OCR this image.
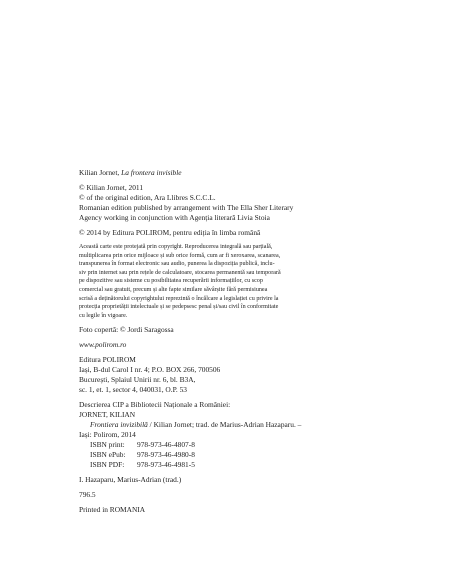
Kilian Jornet, La frontera invisible

© Kilian Jornet, 2011

© of the original edition, Ara Llibres S.C.C.L.

Romanian edition published by arrangement with The Ella Sher Literary

Agency working in conjunction with Agenția literară Livia Stoia

© 2014 by Editura POLIROM, pentru ediția în limba română

Această carte este protejată prin copyright. Reproducerea integrală sau parțială,

multiplicarea prin orice mijloace și sub orice formă, cum ar fi xeroxarea, scanarea,

transpunerea în format electronic sau audio, punerea la dispoziția publică, inclu-

siv prin internet sau prin rețele de calculatoare, stocarea permanentă sau temporară

pe dispozitive sau sisteme cu posibilitatea recuperării informațiilor, cu scop

comercial sau gratuit, precum și alte fapte similare săvârșite fără permisiunea

scrisă a deținătorului copyrightului reprezintă o încălcare a legislației cu privire la

protecția proprietății intelectuale și se pedepsesc penal și/sau civil în conformitate

cu legile în vigoare.

Foto copertă: © Jordi Saragossa

www.polirom.ro

Editura POLIROM

Iași, B-dul Carol I nr. 4; P.O. BOX 266, 700506

București, Splaiul Unirii nr. 6, bl. B3A,

sc. 1, et. 1, sector 4, 040031, O.P. 53

Descrierea CIP a Bibliotecii Naționale a României:

JORNET, KILIAN

Frontiera invizibilă / Kilian Jornet; trad. de Marius-Adrian Hazaparu. –

Iași: Polirom, 2014

ISBN print:	978-973-46-4807-8
ISBN ePub:	978-973-46-4980-8
ISBN PDF:	978-973-46-4981-5

I. Hazaparu, Marius-Adrian (trad.)

796.5

Printed in ROMANIA
